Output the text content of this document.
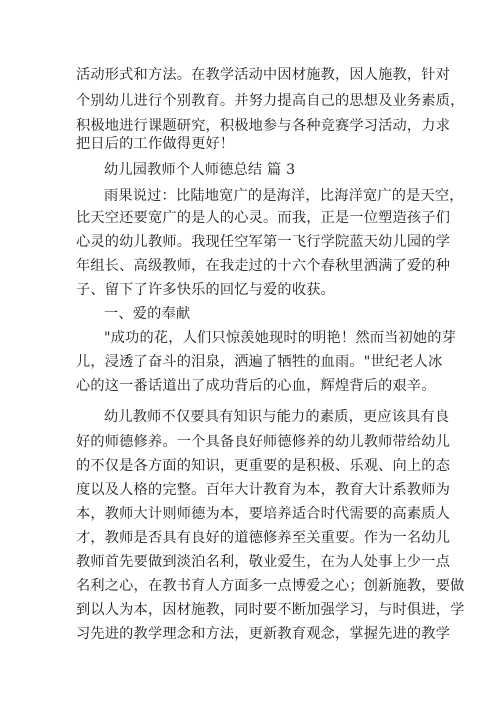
活动形式和方法。在教学活动中因材施教，因人施教，针对
个别幼儿进行个别教育。并努力提高自己的思想及业务素质，
积极地进行课题研究，积极地参与各种竞赛学习活动，力求
把日后的工作做得更好！
幼儿园教师个人师德总结 篇 3
雨果说过：比陆地宽广的是海洋，比海洋宽广的是天空，
比天空还要宽广的是人的心灵。而我，正是一位塑造孩子们
心灵的幼儿教师。我现任空军第一飞行学院蓝天幼儿园的学
年组长、高级教师，在我走过的十六个春秋里洒满了爱的种
子、留下了许多快乐的回忆与爱的收获。
一、爱的奉献
"成功的花，人们只惊羡她现时的明艳！然而当初她的芽
儿，浸透了奋斗的泪泉，洒遍了牺牲的血雨。"世纪老人冰
心的这一番话道出了成功背后的心血，辉煌背后的艰辛。
幼儿教师不仅要具有知识与能力的素质，更应该具有良
好的师德修养。一个具备良好师德修养的幼儿教师带给幼儿
的不仅是各方面的知识，更重要的是积极、乐观、向上的态
度以及人格的完整。百年大计教育为本，教育大计系教师为
本，教师大计则师德为本，要培养适合时代需要的高素质人
才，教师是否具有良好的道德修养至关重要。作为一名幼儿
教师首先要做到淡泊名利，敬业爱生，在为人处事上少一点
名利之心，在教书育人方面多一点博爱之心；创新施教，要做
到以人为本，因材施教，同时要不断加强学习，与时俱进，学
习先进的教学理念和方法，更新教育观念，掌握先进的教学
